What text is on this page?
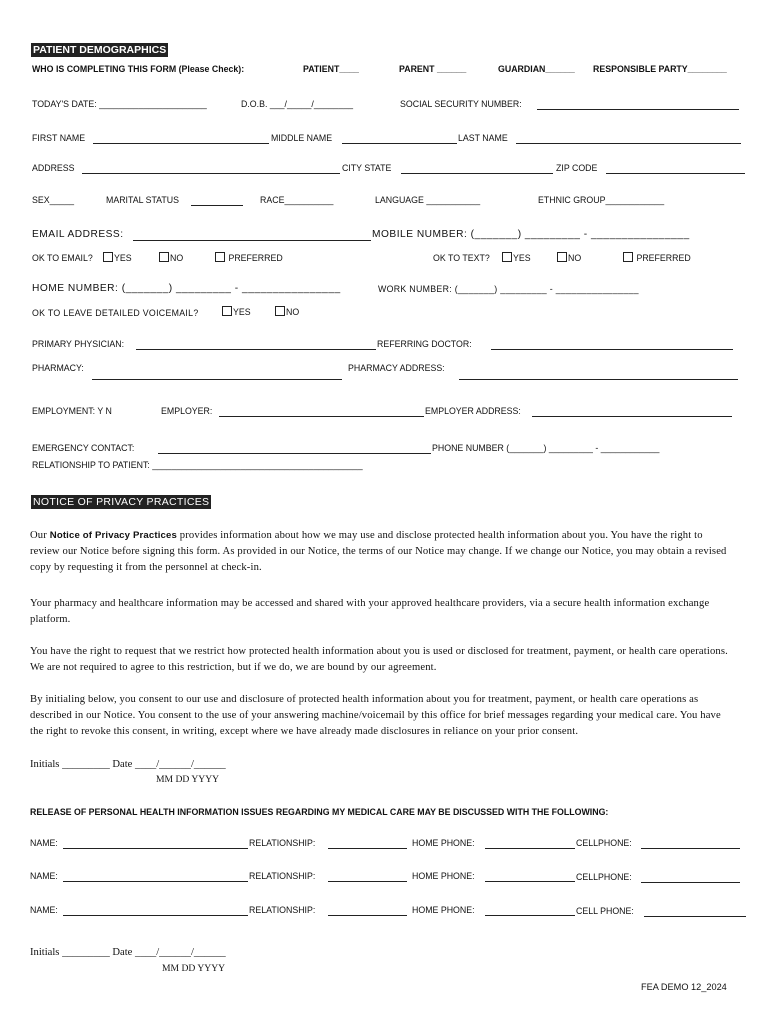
PATIENT DEMOGRAPHICS
WHO IS COMPLETING THIS FORM (Please Check):	PATIENT____	PARENT ______	GUARDIAN______ RESPONSIBLE PARTY________
TODAY'S DATE: ______________________	D.O.B. ___/_____/________	SOCIAL SECURITY NUMBER:
FIRST NAME	MIDDLE NAME	LAST NAME
ADDRESS	CITY STATE	ZIP CODE
SEX_____	MARITAL STATUS	RACE__________	LANGUAGE ___________	ETHNIC GROUP____________
EMAIL ADDRESS:	MOBILE NUMBER: (_______) _________ - ________________
OK TO EMAIL?	YES	NO	PREFERRED	OK TO TEXT?	YES	NO	PREFERRED
HOME NUMBER: (_______) _________ - ________________	WORK NUMBER: (_______) _________ - ________________
OK TO LEAVE DETAILED VOICEMAIL?	YES	NO
PRIMARY PHYSICIAN:	REFERRING DOCTOR:
PHARMACY:	PHARMACY ADDRESS:
EMPLOYMENT: Y N	EMPLOYER:	EMPLOYER ADDRESS:
EMERGENCY CONTACT:	PHONE NUMBER (_______) _________ - ____________
RELATIONSHIP TO PATIENT: ___________________________________________
NOTICE OF PRIVACY PRACTICES

Our Notice of Privacy Practices provides information about how we may use and disclose protected health information about you. You have the right to review our Notice before signing this form. As provided in our Notice, the terms of our Notice may change. If we change our Notice, you may obtain a revised copy by requesting it from the personnel at check-in.

Your pharmacy and healthcare information may be accessed and shared with your approved healthcare providers, via a secure health information exchange platform.

You have the right to request that we restrict how protected health information about you is used or disclosed for treatment, payment, or health care operations. We are not required to agree to this restriction, but if we do, we are bound by our agreement.

By initialing below, you consent to our use and disclosure of protected health information about you for treatment, payment, or health care operations as described in our Notice. You consent to the use of your answering machine/voicemail by this office for brief messages regarding your medical care. You have the right to revoke this consent, in writing, except where we have already made disclosures in reliance on your prior consent.

Initials _________ Date ____/______/______
MM DD YYYY
RELEASE OF PERSONAL HEALTH INFORMATION ISSUES REGARDING MY MEDICAL CARE MAY BE DISCUSSED WITH THE FOLLOWING:
NAME:	RELATIONSHIP:	HOME PHONE:	CELLPHONE:
NAME:	RELATIONSHIP:	HOME PHONE:	CELLPHONE:
NAME:	RELATIONSHIP:	HOME PHONE:	CELL PHONE:
Initials _________ Date ____/______/______
MM DD YYYY
FEA DEMO 12_2024
